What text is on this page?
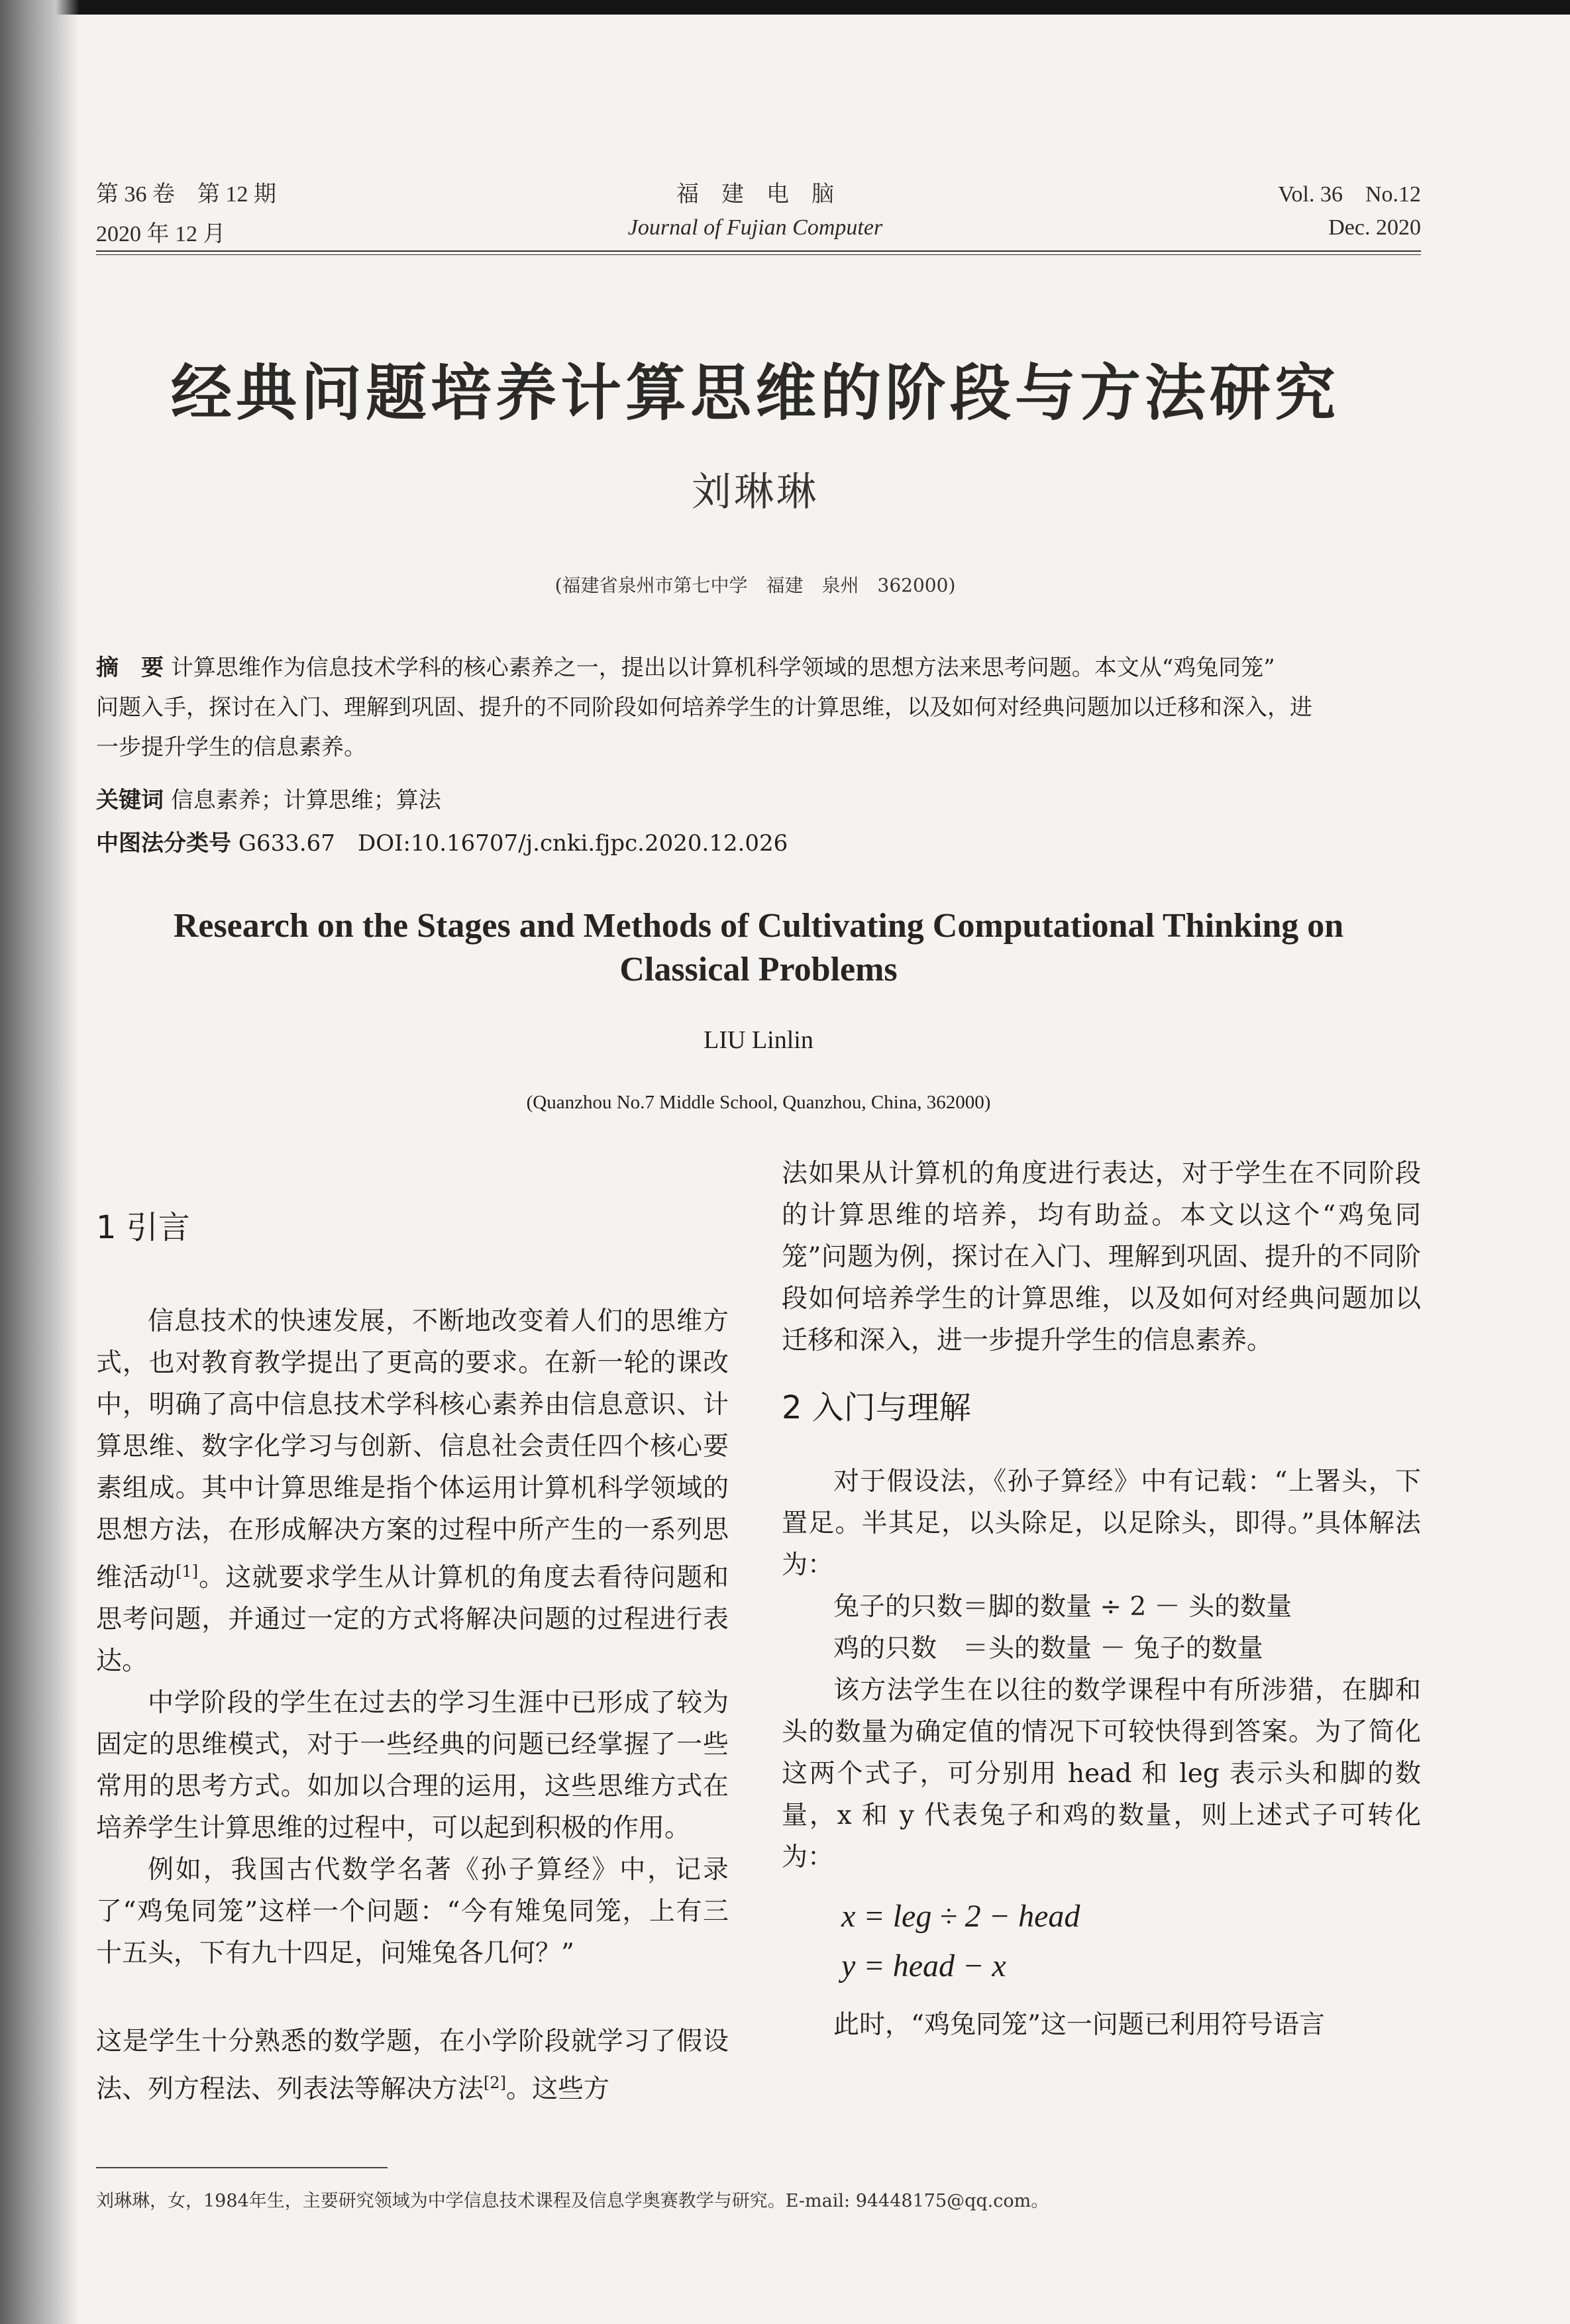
第 36 卷　第 12 期
2020 年 12 月
福　建　电　脑
Journal of Fujian Computer
Vol. 36　No.12
Dec. 2020
经典问题培养计算思维的阶段与方法研究
刘琳琳
(福建省泉州市第七中学　福建　泉州　362000)
摘　要 计算思维作为信息技术学科的核心素养之一，提出以计算机科学领域的思想方法来思考问题。本文从“鸡兔同笼”
问题入手，探讨在入门、理解到巩固、提升的不同阶段如何培养学生的计算思维，以及如何对经典问题加以迁移和深入，进
一步提升学生的信息素养。
关键词 信息素养；计算思维；算法
中图法分类号 G633.67　DOI:10.16707/j.cnki.fjpc.2020.12.026
Research on the Stages and Methods of Cultivating Computational Thinking on
Classical Problems
LIU Linlin
(Quanzhou No.7 Middle School, Quanzhou, China, 362000)

1 引言

信息技术的快速发展，不断地改变着人们的思维方式，也对教育教学提出了更高的要求。在新一轮的课改中，明确了高中信息技术学科核心素养由信息意识、计算思维、数字化学习与创新、信息社会责任四个核心要素组成。其中计算思维是指个体运用计算机科学领域的思想方法，在形成解决方案的过程中所产生的一系列思维活动[1]。这就要求学生从计算机的角度去看待问题和思考问题，并通过一定的方式将解决问题的过程进行表达。

中学阶段的学生在过去的学习生涯中已形成了较为固定的思维模式，对于一些经典的问题已经掌握了一些常用的思考方式。如加以合理的运用，这些思维方式在培养学生计算思维的过程中，可以起到积极的作用。

例如，我国古代数学名著《孙子算经》中，记录了“鸡兔同笼”这样一个问题：“今有雉兔同笼，上有三十五头，下有九十四足，问雉兔各几何？”

这是学生十分熟悉的数学题，在小学阶段就学习了假设法、列方程法、列表法等解决方法[2]。这些方

法如果从计算机的角度进行表达，对于学生在不同阶段的计算思维的培养，均有助益。本文以这个“鸡兔同笼”问题为例，探讨在入门、理解到巩固、提升的不同阶段如何培养学生的计算思维，以及如何对经典问题加以迁移和深入，进一步提升学生的信息素养。

2 入门与理解

对于假设法，《孙子算经》中有记载：“上署头，下置足。半其足，以头除足，以足除头，即得。”具体解法为：

兔子的只数＝脚的数量 ÷ 2 － 头的数量

鸡的只数　＝头的数量 － 兔子的数量

该方法学生在以往的数学课程中有所涉猎，在脚和头的数量为确定值的情况下可较快得到答案。为了简化这两个式子，可分别用 head 和 leg 表示头和脚的数量，x 和 y 代表兔子和鸡的数量，则上述式子可转化为：

x = leg ÷ 2 − head

y = head − x

此时，“鸡兔同笼”这一问题已利用符号语言

刘琳琳，女，1984年生，主要研究领域为中学信息技术课程及信息学奥赛教学与研究。E-mail: 94448175@qq.com。
